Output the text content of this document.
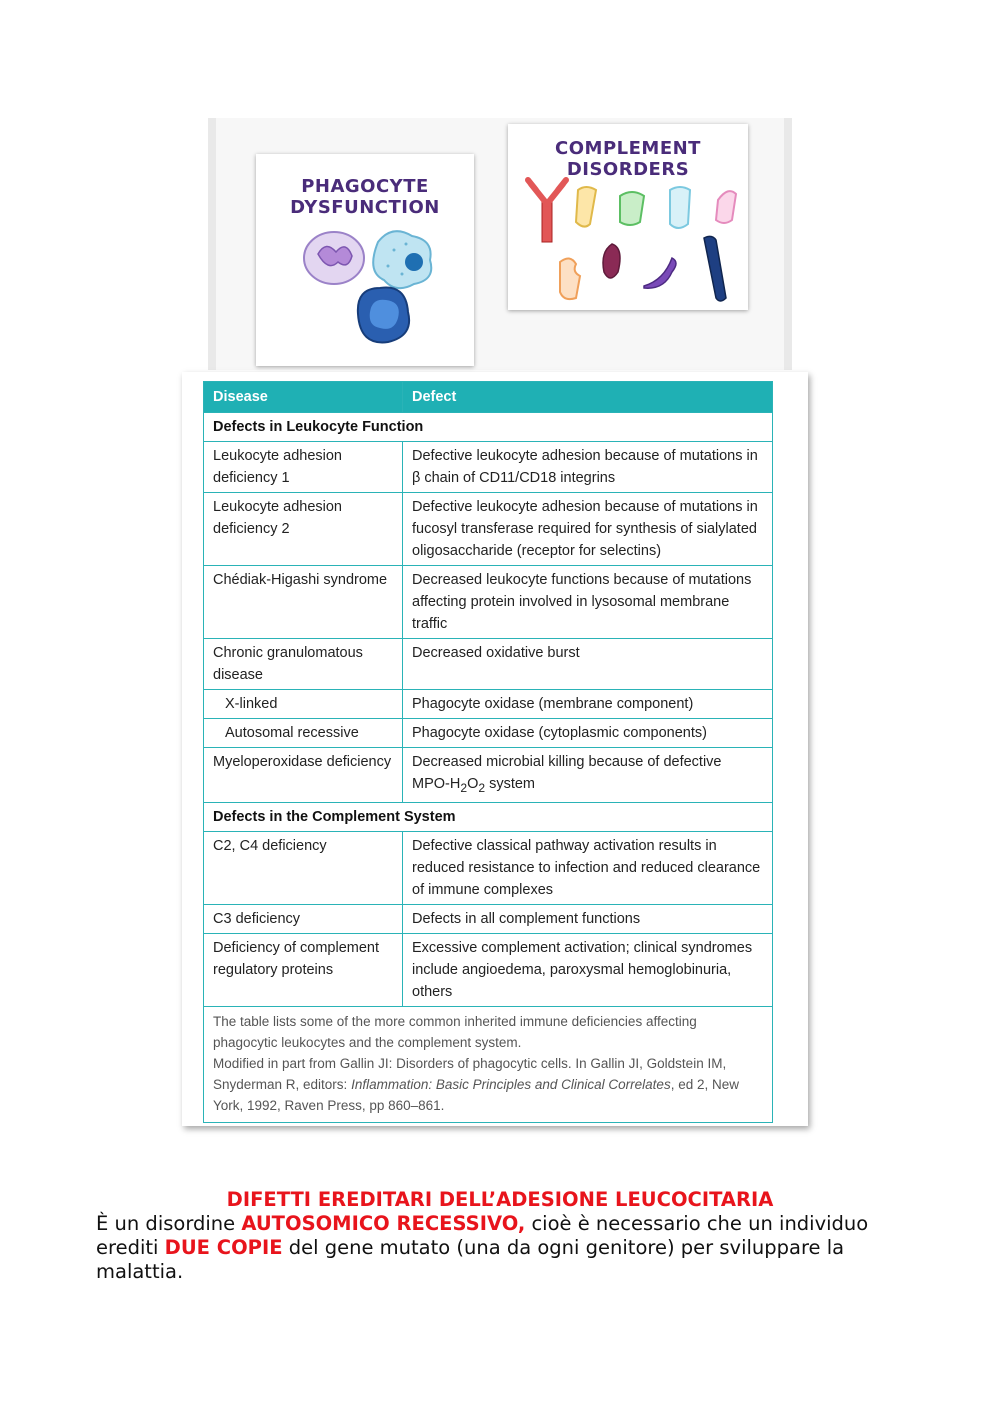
PHAGOCYTE
DYSFUNCTION
COMPLEMENT
DISORDERS
Disease	Defect
Defects in Leukocyte Function	
Leukocyte adhesion deficiency 1	Defective leukocyte adhesion because of mutations in β chain of CD11/CD18 integrins
Leukocyte adhesion deficiency 2	Defective leukocyte adhesion because of mutations in fucosyl transferase required for synthesis of sialylated oligosaccharide (receptor for selectins)
Chédiak-Higashi syndrome	Decreased leukocyte functions because of mutations affecting protein involved in lysosomal membrane traffic
Chronic granulomatous disease	Decreased oxidative burst
X-linked	Phagocyte oxidase (membrane component)
Autosomal recessive	Phagocyte oxidase (cytoplasmic components)
Myeloperoxidase deficiency	Decreased microbial killing because of defective MPO-$H_2O_2$ system
Defects in the Complement System	
C2, C4 deficiency	Defective classical pathway activation results in reduced resistance to infection and reduced clearance of immune complexes
C3 deficiency	Defects in all complement functions
Deficiency of complement regulatory proteins	Excessive complement activation; clinical syndromes include angioedema, paroxysmal hemoglobinuria, others

The table lists some of the more common inherited immune deficiencies affecting phagocytic leukocytes and the complement system.
Modified in part from Gallin JI: Disorders of phagocytic cells. In Gallin JI, Goldstein IM, Snyderman R, editors: Inflammation: Basic Principles and Clinical Correlates, ed 2, New York, 1992, Raven Press, pp 860–861.	
DIFETTI EREDITARI DELL’ADESIONE LEUCOCITARIA
È un disordine AUTOSOMICO RECESSIVO, cioè è necessario che un individuo erediti DUE COPIE del gene mutato (una da ogni genitore) per sviluppare la malattia.
